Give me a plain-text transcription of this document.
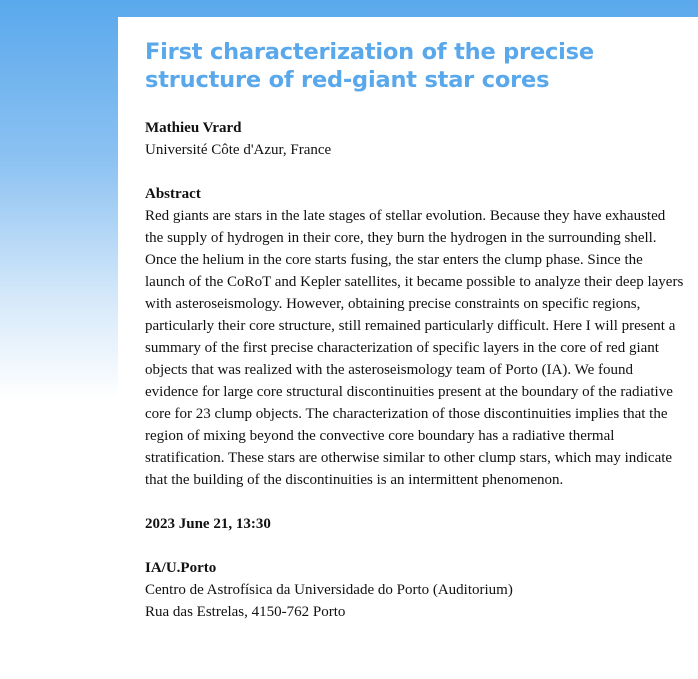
First characterization of the precise structure of red-giant star cores
Mathieu Vrard
Université Côte d'Azur, France
Abstract

Red giants are stars in the late stages of stellar evolution. Because they have exhausted the supply of hydrogen in their core, they burn the hydrogen in the surrounding shell. Once the helium in the core starts fusing, the star enters the clump phase. Since the launch of the CoRoT and Kepler satellites, it became possible to analyze their deep layers with asteroseismology. However, obtaining precise constraints on specific regions, particularly their core structure, still remained particularly difficult. Here I will present a summary of the first precise characterization of specific layers in the core of red giant objects that was realized with the asteroseismology team of Porto (IA). We found evidence for large core structural discontinuities present at the boundary of the radiative core for 23 clump objects. The characterization of those discontinuities implies that the region of mixing beyond the convective core boundary has a radiative thermal stratification. These stars are otherwise similar to other clump stars, which may indicate that the building of the discontinuities is an intermittent phenomenon.

2023 June 21, 13:30
IA/U.Porto
Centro de Astrofísica da Universidade do Porto (Auditorium)
Rua das Estrelas, 4150-762 Porto
